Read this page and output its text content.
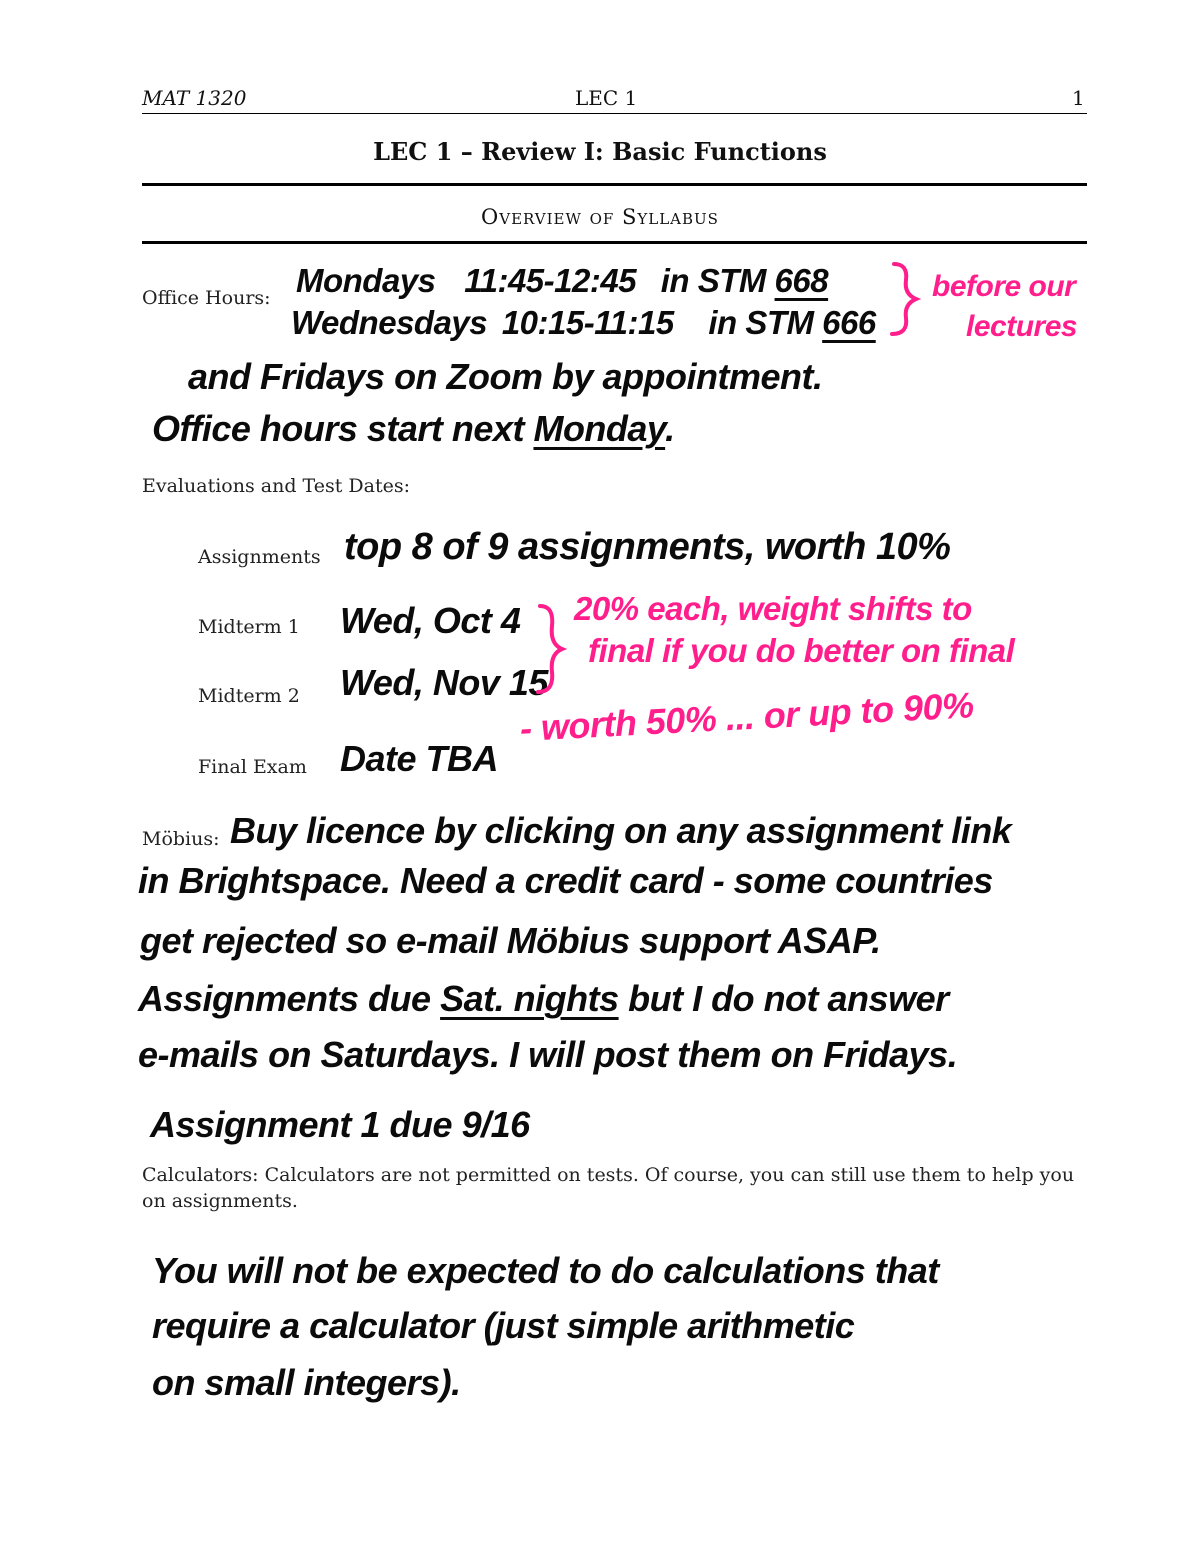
MAT 1320	LEC 1	1
LEC 1 – Review I: Basic Functions
Overview of Syllabus
Office Hours: Mondays 11:45-12:45 in STM 668
Wednesdays 10:15-11:15 in STM 666
before our
lectures
and Fridays on Zoom by appointment.
Office hours start next Monday.
Evaluations and Test Dates:
Assignments top 8 of 9 assignments, worth 10%
Midterm 1 Wed, Oct 4
Midterm 2 Wed, Nov 15
20% each, weight shifts to
final if you do better on final
Final Exam Date TBA
- worth 50% ... or up to 90%
Möbius: Buy licence by clicking on any assignment link
in Brightspace. Need a credit card - some countries
get rejected so e-mail Möbius support ASAP.
Assignments due Sat. nights but I do not answer
e-mails on Saturdays. I will post them on Fridays.
Assignment 1 due 9/16
Calculators: Calculators are not permitted on tests. Of course, you can still use them to help you on assignments.
You will not be expected to do calculations that
require a calculator (just simple arithmetic
on small integers).
